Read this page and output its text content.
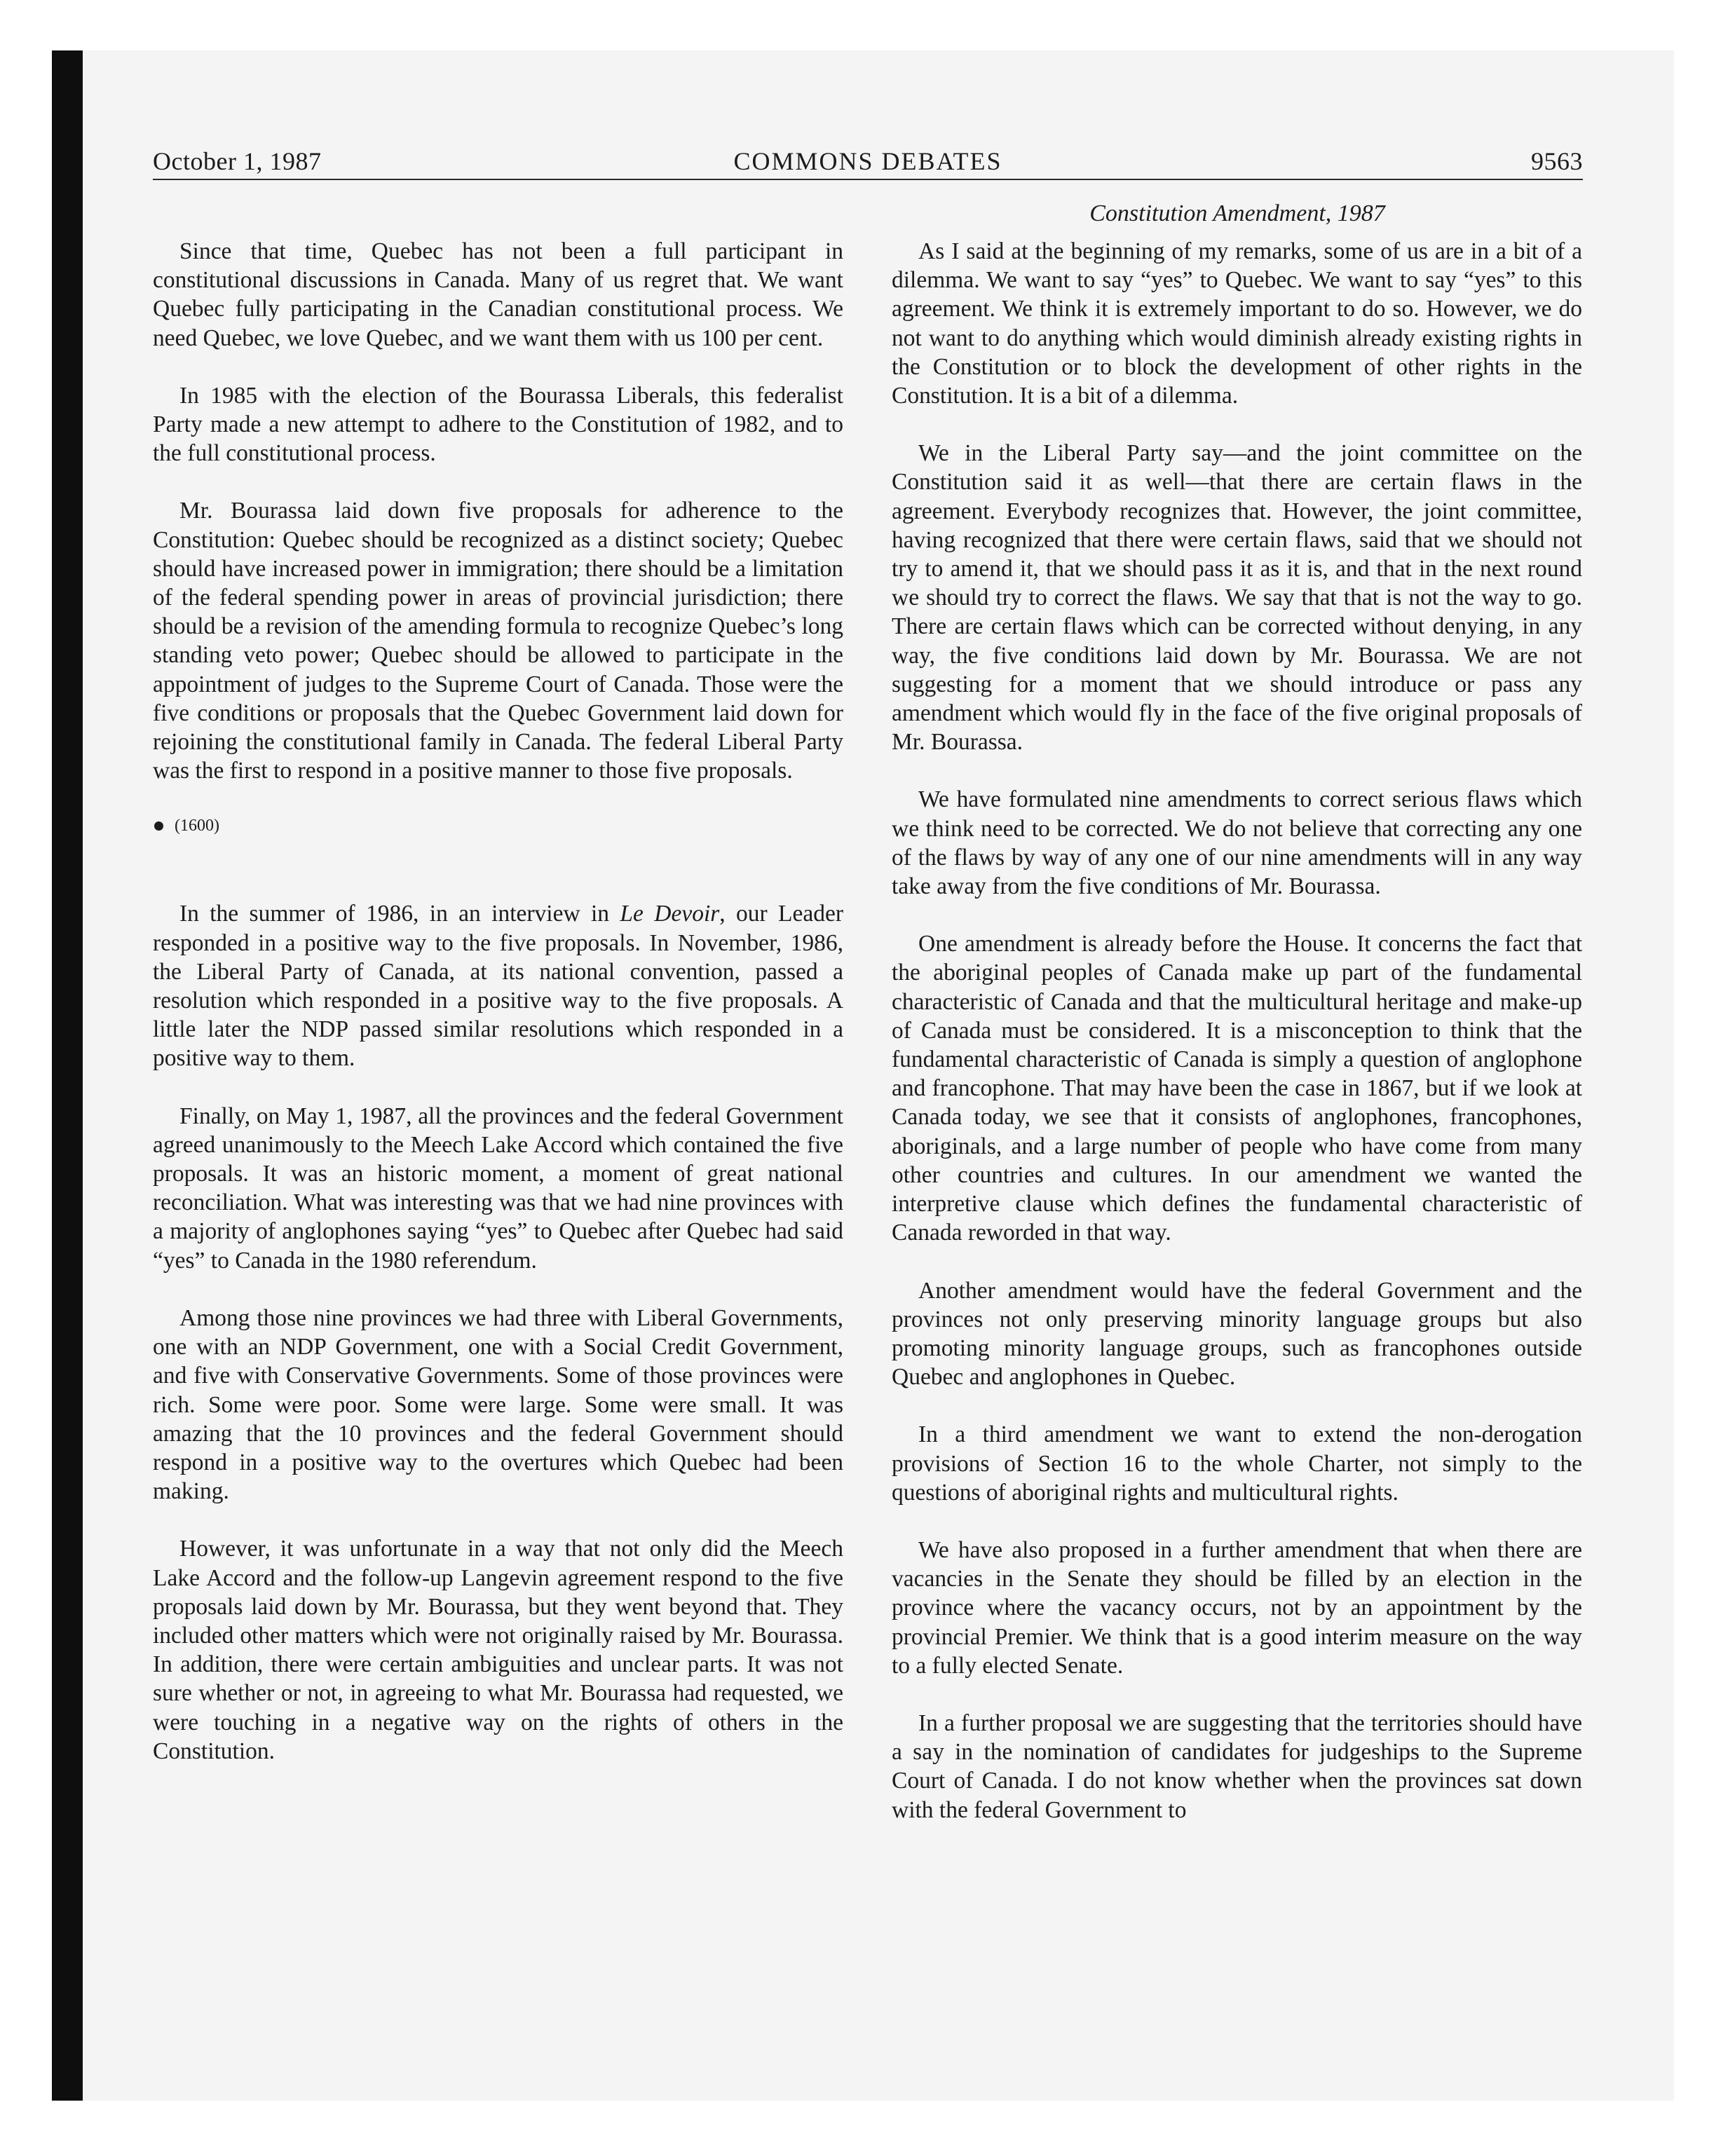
October 1, 1987	COMMONS DEBATES	9563
Constitution Amendment, 1987

Since that time, Quebec has not been a full participant in constitutional discussions in Canada. Many of us regret that. We want Quebec fully participating in the Canadian constitutional process. We need Quebec, we love Quebec, and we want them with us 100 per cent.

In 1985 with the election of the Bourassa Liberals, this federalist Party made a new attempt to adhere to the Constitution of 1982, and to the full constitutional process.

Mr. Bourassa laid down five proposals for adherence to the Constitution: Quebec should be recognized as a distinct society; Quebec should have increased power in immigration; there should be a limitation of the federal spending power in areas of provincial jurisdiction; there should be a revision of the amending formula to recognize Quebec’s long standing veto power; Quebec should be allowed to participate in the appointment of judges to the Supreme Court of Canada. Those were the five conditions or proposals that the Quebec Government laid down for rejoining the constitutional family in Canada. The federal Liberal Party was the first to respond in a positive manner to those five proposals.

(1600)

In the summer of 1986, in an interview in Le Devoir, our Leader responded in a positive way to the five proposals. In November, 1986, the Liberal Party of Canada, at its national convention, passed a resolution which responded in a positive way to the five proposals. A little later the NDP passed similar resolutions which responded in a positive way to them.

Finally, on May 1, 1987, all the provinces and the federal Government agreed unanimously to the Meech Lake Accord which contained the five proposals. It was an historic moment, a moment of great national reconciliation. What was interesting was that we had nine provinces with a majority of anglophones saying “yes” to Quebec after Quebec had said “yes” to Canada in the 1980 referendum.

Among those nine provinces we had three with Liberal Governments, one with an NDP Government, one with a Social Credit Government, and five with Conservative Governments. Some of those provinces were rich. Some were poor. Some were large. Some were small. It was amazing that the 10 provinces and the federal Government should respond in a positive way to the overtures which Quebec had been making.

However, it was unfortunate in a way that not only did the Meech Lake Accord and the follow-up Langevin agreement respond to the five proposals laid down by Mr. Bourassa, but they went beyond that. They included other matters which were not originally raised by Mr. Bourassa. In addition, there were certain ambiguities and unclear parts. It was not sure whether or not, in agreeing to what Mr. Bourassa had requested, we were touching in a negative way on the rights of others in the Constitution.

As I said at the beginning of my remarks, some of us are in a bit of a dilemma. We want to say “yes” to Quebec. We want to say “yes” to this agreement. We think it is extremely important to do so. However, we do not want to do anything which would diminish already existing rights in the Constitution or to block the development of other rights in the Constitution. It is a bit of a dilemma.

We in the Liberal Party say—and the joint committee on the Constitution said it as well—that there are certain flaws in the agreement. Everybody recognizes that. However, the joint committee, having recognized that there were certain flaws, said that we should not try to amend it, that we should pass it as it is, and that in the next round we should try to correct the flaws. We say that that is not the way to go. There are certain flaws which can be corrected without denying, in any way, the five conditions laid down by Mr. Bourassa. We are not suggesting for a moment that we should introduce or pass any amendment which would fly in the face of the five original proposals of Mr. Bourassa.

We have formulated nine amendments to correct serious flaws which we think need to be corrected. We do not believe that correcting any one of the flaws by way of any one of our nine amendments will in any way take away from the five conditions of Mr. Bourassa.

One amendment is already before the House. It concerns the fact that the aboriginal peoples of Canada make up part of the fundamental characteristic of Canada and that the multicultural heritage and make-up of Canada must be considered. It is a misconception to think that the fundamental characteristic of Canada is simply a question of anglophone and francophone. That may have been the case in 1867, but if we look at Canada today, we see that it consists of anglophones, francophones, aboriginals, and a large number of people who have come from many other countries and cultures. In our amendment we wanted the interpretive clause which defines the fundamental characteristic of Canada reworded in that way.

Another amendment would have the federal Government and the provinces not only preserving minority language groups but also promoting minority language groups, such as francophones outside Quebec and anglophones in Quebec.

In a third amendment we want to extend the non-derogation provisions of Section 16 to the whole Charter, not simply to the questions of aboriginal rights and multicultural rights.

We have also proposed in a further amendment that when there are vacancies in the Senate they should be filled by an election in the province where the vacancy occurs, not by an appointment by the provincial Premier. We think that is a good interim measure on the way to a fully elected Senate.

In a further proposal we are suggesting that the territories should have a say in the nomination of candidates for judgeships to the Supreme Court of Canada. I do not know whether when the provinces sat down with the federal Government to
